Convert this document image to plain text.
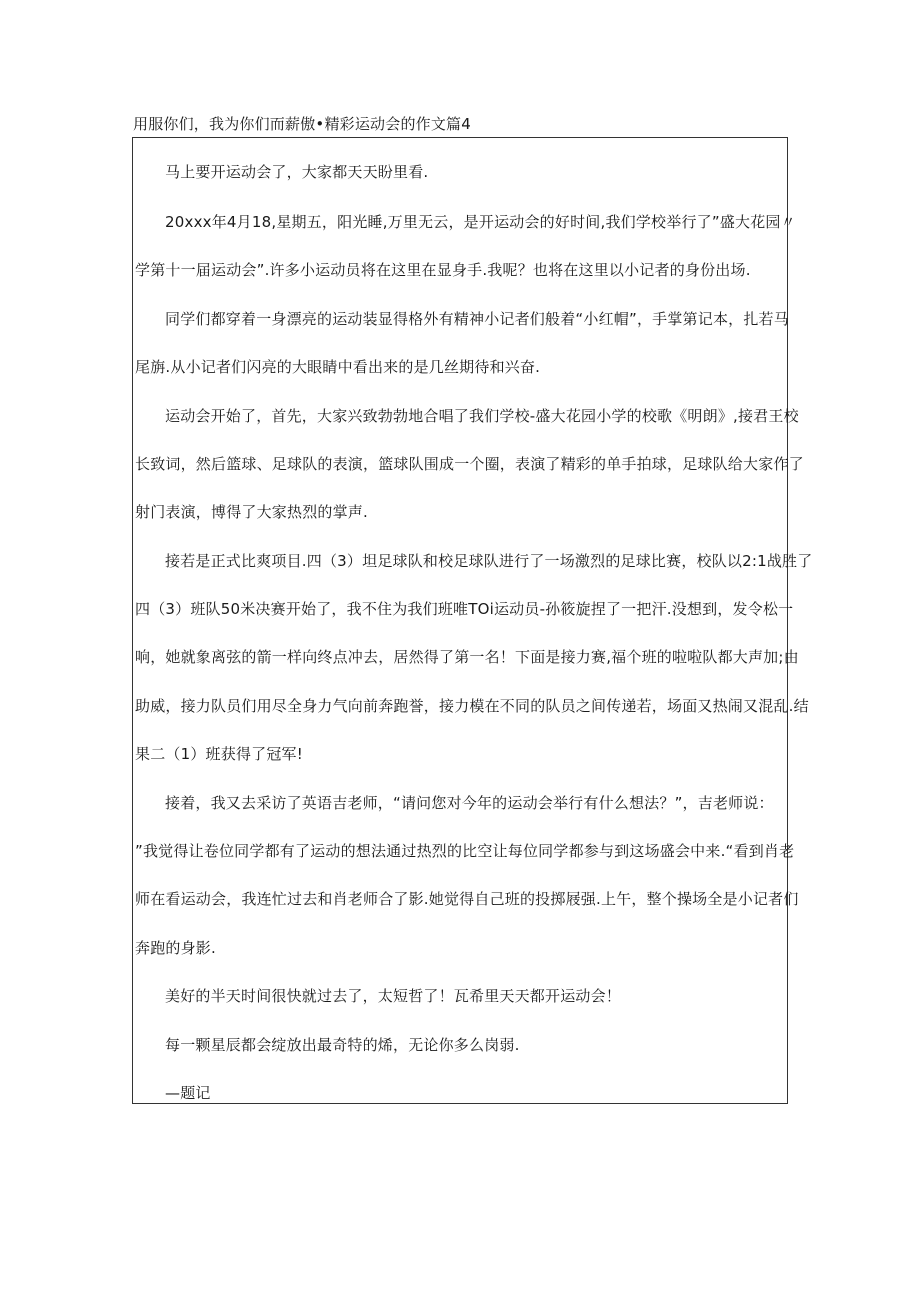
用服你们，我为你们而薪傲•精彩运动会的作文篇4
马上要开运动会了，大家都天天盼里看.
20xxx年4月18,星期五，阳光睡,万里无云，是开运动会的好时间,我们学校举行了”盛大花园〃
学第十一届运动会”.许多小运动员将在这里在显身手.我呢？也将在这里以小记者的身份出场.
同学们都穿着一身漂亮的运动装显得格外有精神小记者们般着“小红帽”，手掌第记本，扎若马
尾旃.从小记者们闪亮的大眼睛中看出来的是几丝期待和兴奋.
运动会开始了，首先，大家兴致勃勃地合唱了我们学校-盛大花园小学的校歌《明朗》,接君王校
长致词，然后篮球、足球队的表演，篮球队围成一个圈，表演了精彩的单手拍球，足球队给大家作了
射门表演，博得了大家热烈的掌声.
接若是正式比爽项目.四（3）坦足球队和校足球队进行了一场激烈的足球比赛，校队以2:1战胜了
四（3）班队50米决赛开始了，我不住为我们班唯TOi运动员-孙筱旋捏了一把汗.没想到，发令松一
响，她就象离弦的箭一样向终点冲去，居然得了第一名！下面是接力赛,福个班的啦啦队都大声加;由
助威，接力队员们用尽全身力气向前奔跑誉，接力模在不同的队员之间传递若，场面又热闹又混乱.结
果二（1）班获得了冠军!
接着，我又去采访了英语吉老师，“请问您对今年的运动会举行有什么想法？”，吉老师说：
”我觉得让卷位同学都有了运动的想法通过热烈的比空让每位同学都参与到这场盛会中来.“看到肖老
师在看运动会，我连忙过去和肖老师合了影.她觉得自己班的投掷屐强.上午，整个操场全是小记者们
奔跑的身影.
美好的半天时间很快就过去了，太短哲了！瓦希里天天都开运动会！
每一颗星辰都会绽放出最奇特的烯，无论你多么岗弱.
—题记
